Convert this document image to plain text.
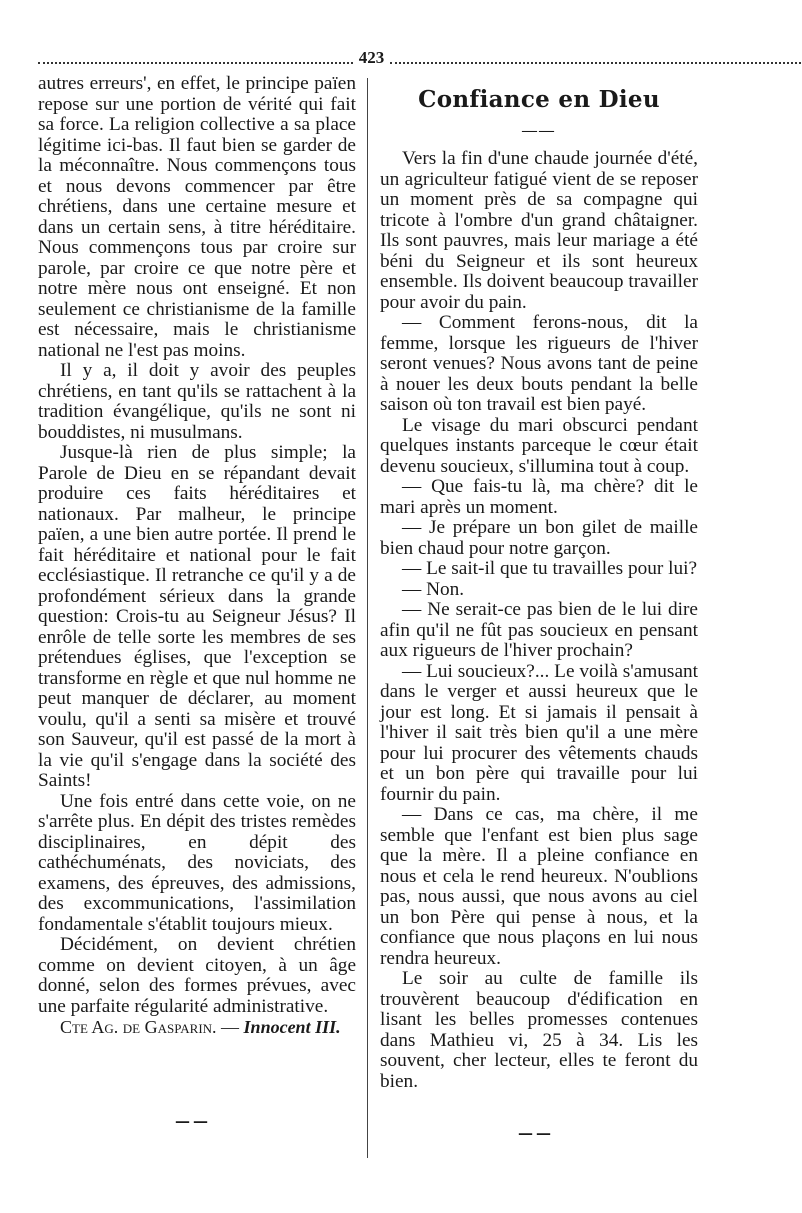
423

autres erreurs', en effet, le principe païen repose sur une portion de vérité qui fait sa force. La religion collective a sa place légitime ici-bas. Il faut bien se garder de la méconnaître. Nous commençons tous et nous devons commencer par être chrétiens, dans une certaine mesure et dans un certain sens, à titre héréditaire. Nous commençons tous par croire sur parole, par croire ce que notre père et notre mère nous ont enseigné. Et non seulement ce christianisme de la famille est nécessaire, mais le christianisme national ne l'est pas moins.

Il y a, il doit y avoir des peuples chrétiens, en tant qu'ils se rattachent à la tradition évangélique, qu'ils ne sont ni bouddistes, ni musulmans.

Jusque-là rien de plus simple; la Parole de Dieu en se répandant devait produire ces faits héréditaires et nationaux. Par malheur, le principe païen, a une bien autre portée. Il prend le fait héréditaire et national pour le fait ecclésiastique. Il retranche ce qu'il y a de profondément sérieux dans la grande question: Crois-tu au Seigneur Jésus? Il enrôle de telle sorte les membres de ses prétendues églises, que l'exception se transforme en règle et que nul homme ne peut manquer de déclarer, au moment voulu, qu'il a senti sa misère et trouvé son Sauveur, qu'il est passé de la mort à la vie qu'il s'engage dans la société des Saints!

Une fois entré dans cette voie, on ne s'arrête plus. En dépit des tristes remèdes disciplinaires, en dépit des cathéchuménats, des noviciats, des examens, des épreuves, des admissions, des excommunications, l'assimilation fondamentale s'établit toujours mieux.

Décidément, on devient chrétien comme on devient citoyen, à un âge donné, selon des formes prévues, avec une parfaite régularité administrative.

Cte Ag. de Gasparin. — Innocent III.

——
Confiance en Dieu
——

Vers la fin d'une chaude journée d'été, un agriculteur fatigué vient de se reposer un moment près de sa compagne qui tricote à l'ombre d'un grand châtaigner. Ils sont pauvres, mais leur mariage a été béni du Seigneur et ils sont heureux ensemble. Ils doivent beaucoup travailler pour avoir du pain.

— Comment ferons-nous, dit la femme, lorsque les rigueurs de l'hiver seront venues? Nous avons tant de peine à nouer les deux bouts pendant la belle saison où ton travail est bien payé.

Le visage du mari obscurci pendant quelques instants parceque le cœur était devenu soucieux, s'illumina tout à coup.

— Que fais-tu là, ma chère? dit le mari après un moment.

— Je prépare un bon gilet de maille bien chaud pour notre garçon.

— Le sait-il que tu travailles pour lui?

— Non.

— Ne serait-ce pas bien de le lui dire afin qu'il ne fût pas soucieux en pensant aux rigueurs de l'hiver prochain?

— Lui soucieux?... Le voilà s'amusant dans le verger et aussi heureux que le jour est long. Et si jamais il pensait à l'hiver il sait très bien qu'il a une mère pour lui procurer des vêtements chauds et un bon père qui travaille pour lui fournir du pain.

— Dans ce cas, ma chère, il me semble que l'enfant est bien plus sage que la mère. Il a pleine confiance en nous et cela le rend heureux. N'oublions pas, nous aussi, que nous avons au ciel un bon Père qui pense à nous, et la confiance que nous plaçons en lui nous rendra heureux.

Le soir au culte de famille ils trouvèrent beaucoup d'édification en lisant les belles promesses contenues dans Mathieu vi, 25 à 34. Lis les souvent, cher lecteur, elles te feront du bien.

——
